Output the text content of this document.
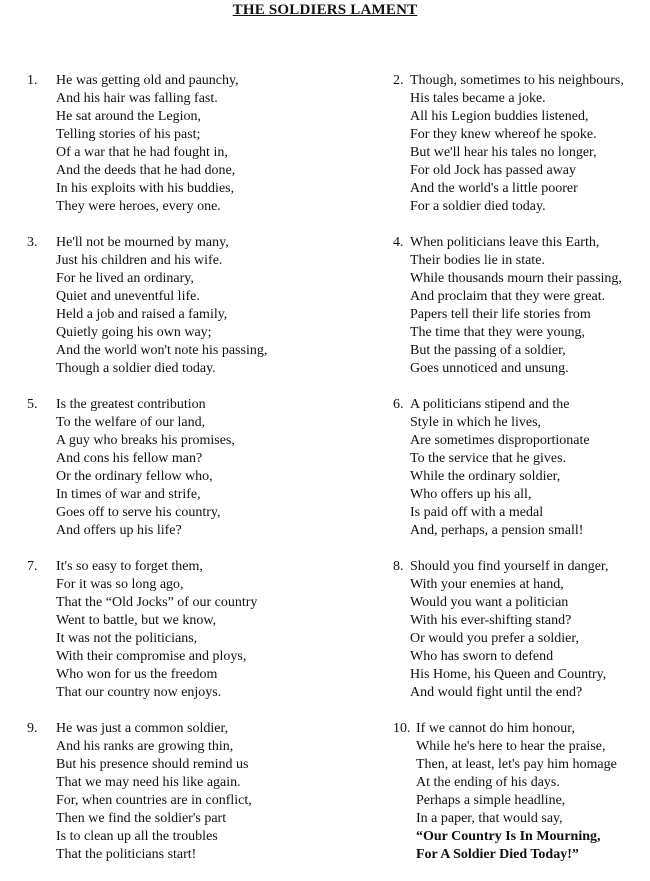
THE SOLDIERS LAMENT
1. He was getting old and paunchy,
And his hair was falling fast.
He sat around the Legion,
Telling stories of his past;
Of a war that he had fought in,
And the deeds that he had done,
In his exploits with his buddies,
They were heroes, every one.
2. Though, sometimes to his neighbours,
His tales became a joke.
All his Legion buddies listened,
For they knew whereof he spoke.
But we'll hear his tales no longer,
For old Jock has passed away
And the world's a little poorer
For a soldier died today.
3. He'll not be mourned by many,
Just his children and his wife.
For he lived an ordinary,
Quiet and uneventful life.
Held a job and raised a family,
Quietly going his own way;
And the world won't note his passing,
Though a soldier died today.
4. When politicians leave this Earth,
Their bodies lie in state.
While thousands mourn their passing,
And proclaim that they were great.
Papers tell their life stories from
The time that they were young,
But the passing of a soldier,
Goes unnoticed and unsung.
5. Is the greatest contribution
To the welfare of our land,
A guy who breaks his promises,
And cons his fellow man?
Or the ordinary fellow who,
In times of war and strife,
Goes off to serve his country,
And offers up his life?
6. A politicians stipend and the
Style in which he lives,
Are sometimes disproportionate
To the service that he gives.
While the ordinary soldier,
Who offers up his all,
Is paid off with a medal
And, perhaps, a pension small!
7. It's so easy to forget them,
For it was so long ago,
That the “Old Jocks” of our country
Went to battle, but we know,
It was not the politicians,
With their compromise and ploys,
Who won for us the freedom
That our country now enjoys.
8. Should you find yourself in danger,
With your enemies at hand,
Would you want a politician
With his ever-shifting stand?
Or would you prefer a soldier,
Who has sworn to defend
His Home, his Queen and Country,
And would fight until the end?
9. He was just a common soldier,
And his ranks are growing thin,
But his presence should remind us
That we may need his like again.
For, when countries are in conflict,
Then we find the soldier's part
Is to clean up all the troubles
That the politicians start!
10. If we cannot do him honour,
While he's here to hear the praise,
Then, at least, let's pay him homage
At the ending of his days.
Perhaps a simple headline,
In a paper, that would say,
“Our Country Is In Mourning,
For A Soldier Died Today!”
